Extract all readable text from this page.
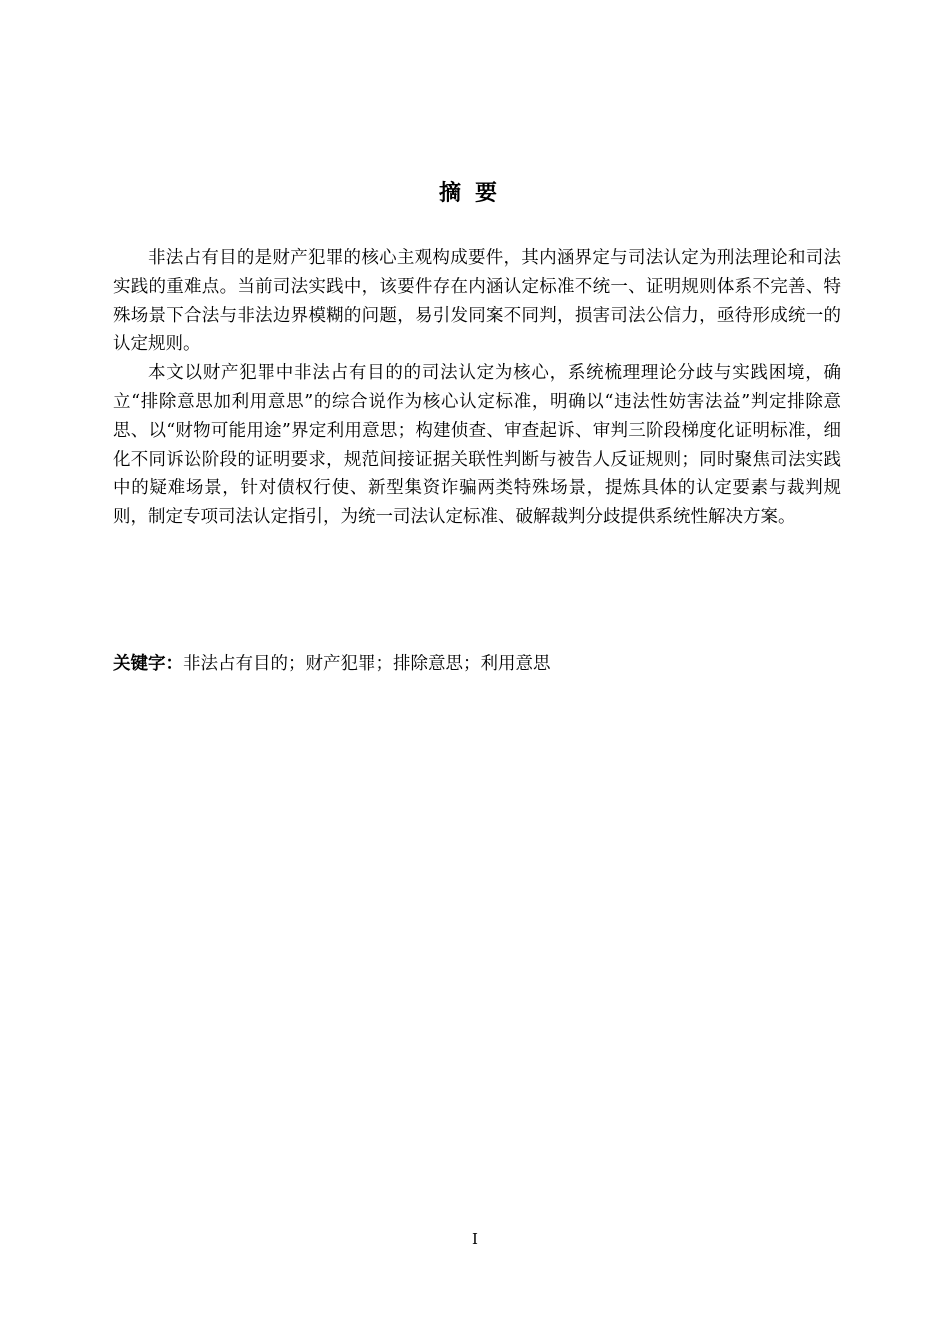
摘要

非法占有目的是财产犯罪的核心主观构成要件，其内涵界定与司法认定为刑法理论和司法实践的重难点。当前司法实践中，该要件存在内涵认定标准不统一、证明规则体系不完善、特殊场景下合法与非法边界模糊的问题，易引发同案不同判，损害司法公信力，亟待形成统一的认定规则。

本文以财产犯罪中非法占有目的的司法认定为核心，系统梳理理论分歧与实践困境，确立“排除意思加利用意思”的综合说作为核心认定标准，明确以“违法性妨害法益”判定排除意思、以“财物可能用途”界定利用意思；构建侦查、审查起诉、审判三阶段梯度化证明标准，细化不同诉讼阶段的证明要求，规范间接证据关联性判断与被告人反证规则；同时聚焦司法实践中的疑难场景，针对债权行使、新型集资诈骗两类特殊场景，提炼具体的认定要素与裁判规则，制定专项司法认定指引，为统一司法认定标准、破解裁判分歧提供系统性解决方案。

关键字：非法占有目的；财产犯罪；排除意思；利用意思
I
